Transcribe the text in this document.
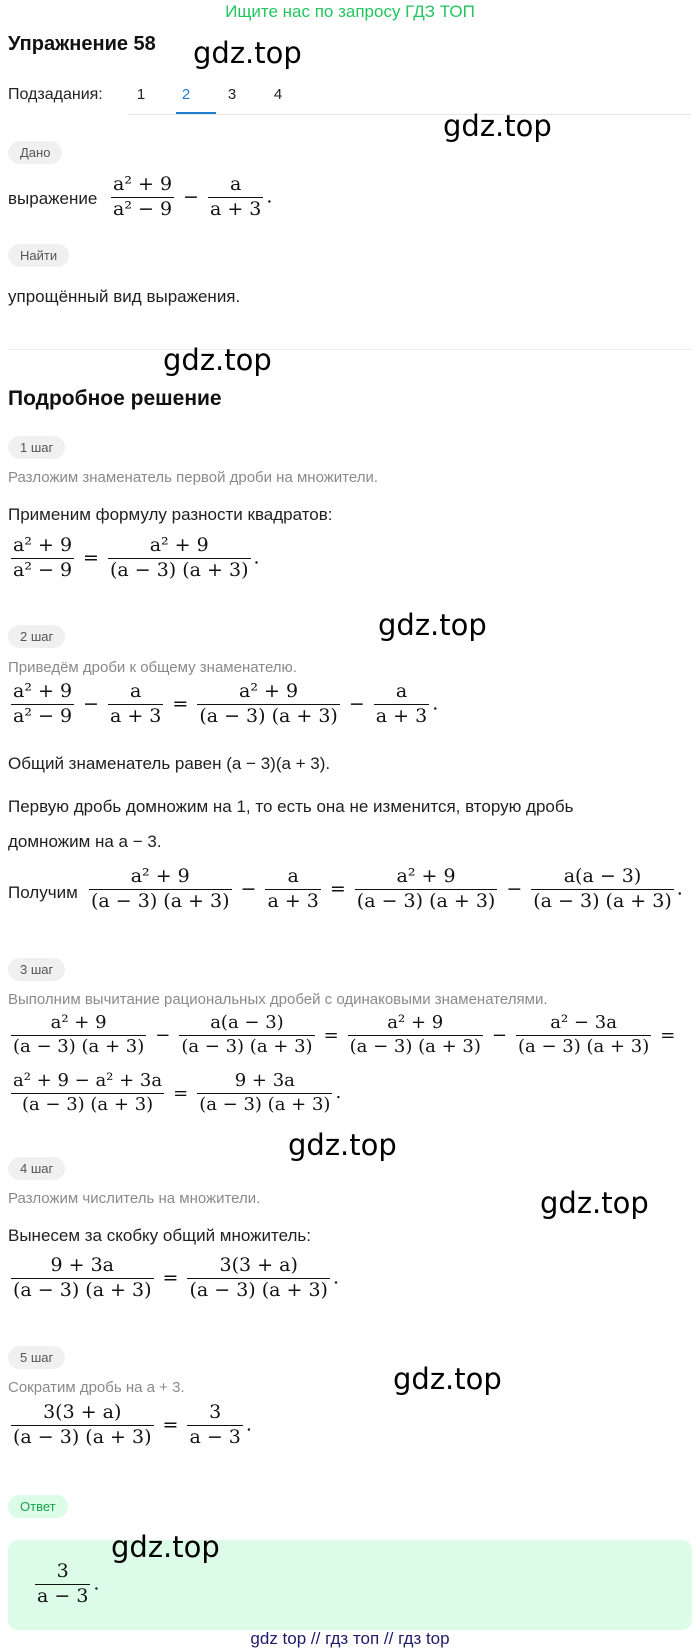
Ищите нас по запросу ГДЗ ТОП
Упражнение 58 gdz.top
Подзадания:	1	2	3	4
gdz.top
Дано
выражение $\frac{\text{a² + 9}}{\text{a² − 9}} - \frac{a}{a + 3}$ .
Найти
упрощённый вид выражения.
gdz.top
Подробное решение
1 шаг
Разложим знаменатель первой дроби на множители.
Применим формулу разности квадратов:
$\frac{\text{a² + 9}}{\text{a² − 9}} = \frac{\text{a² + 9}}{(a - 3) (a + 3)}$ .
2 шаг	gdz.top
Приведём дроби к общему знаменателю.
$\frac{\text{a² + 9}}{\text{a² − 9}} - \frac{a}{a + 3} = \frac{\text{a² + 9}}{(a - 3) (a + 3)} - \frac{a}{a + 3}$ .
Общий знаменатель равен (a − 3)(a + 3).
Первую дробь домножим на 1, то есть она не изменится, вторую дробь
домножим на a − 3.
Получим $\frac{\text{a² + 9}}{(a - 3) (a + 3)} - \frac{a}{a + 3} = \frac{\text{a² + 9}}{(a - 3) (a + 3)} - \frac{a(a - 3)}{(a - 3) (a + 3)}$ .
3 шаг
Выполним вычитание рациональных дробей с одинаковыми знаменателями.
$\frac{\text{a² + 9}}{(a - 3) (a + 3)} - \frac{a(a - 3)}{(a - 3) (a + 3)} = \frac{\text{a² + 9}}{(a - 3) (a + 3)} - \frac{\text{a² − 3a}}{(a - 3) (a + 3)}$ =
$\frac{\text{a² + 9 − a² + 3a}}{(a - 3) (a + 3)} = \frac{9 + 3a}{(a - 3) (a + 3)}$ .
gdz.top
4 шаг
gdz.top
Разложим числитель на множители.
Вынесем за скобку общий множитель:
$\frac{9 + 3a}{(a - 3) (a + 3)} = \frac{3(3 + a)}{(a - 3) (a + 3)}$ .
5 шаг
gdz.top
Сократим дробь на a + 3.
$\frac{3(3 + a)}{(a - 3) (a + 3)} = \frac{3}{a - 3}$ .
Ответ
$\frac{3}{a - 3}$ .
gdz.top
gdz top // гдз топ // гдз top
